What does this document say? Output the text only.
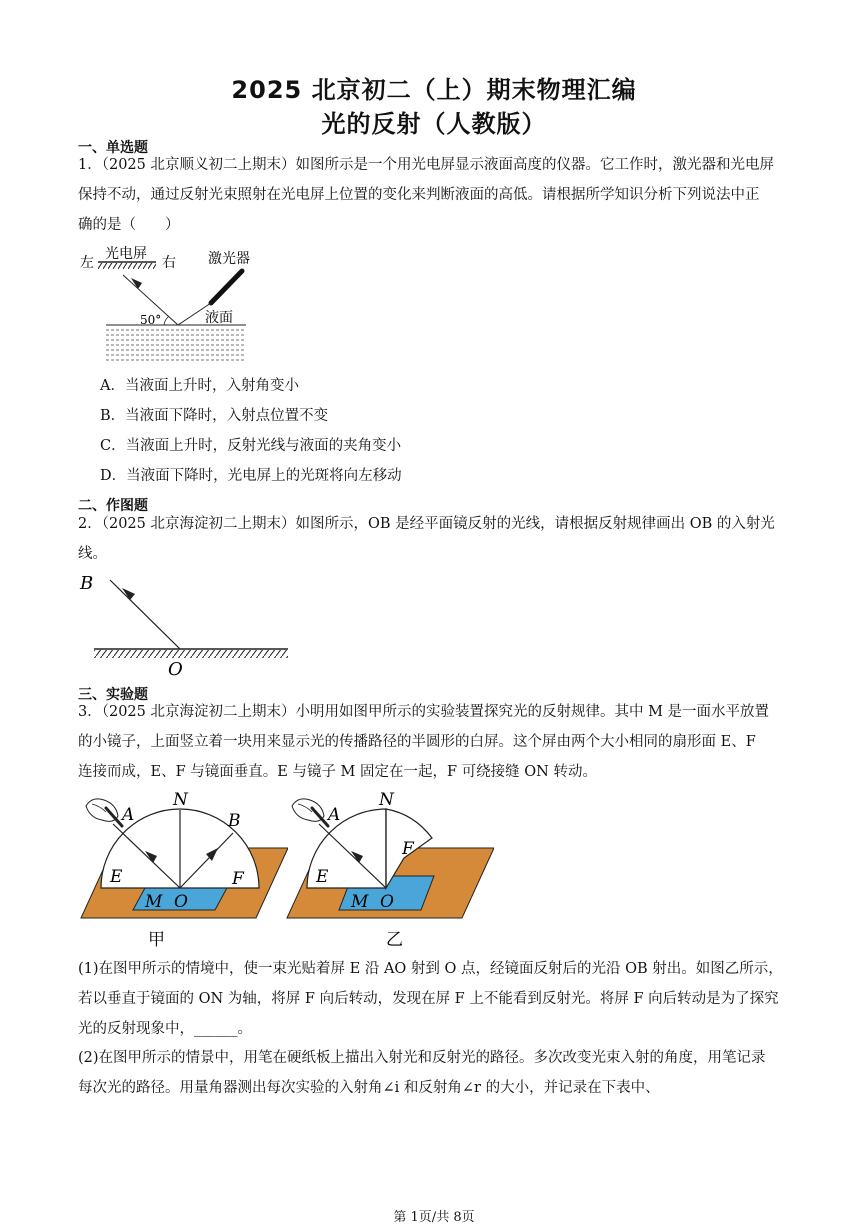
2025 北京初二（上）期末物理汇编
光的反射（人教版）
一、单选题
1．（2025 北京顺义初二上期末）如图所示是一个用光电屏显示液面高度的仪器。它工作时，激光器和光电屏
保持不动，通过反射光束照射在光电屏上位置的变化来判断液面的高低。请根据所学知识分析下列说法中正
确的是（　　）
左
光电屏
右 激光器
50°	液面
A．当液面上升时，入射角变小
B．当液面下降时，入射点位置不变
C．当液面上升时，反射光线与液面的夹角变小
D．当液面下降时，光电屏上的光斑将向左移动
二、作图题
2．（2025 北京海淀初二上期末）如图所示，OB 是经平面镜反射的光线，请根据反射规律画出 OB 的入射光
线。
B
O
三、实验题
3．（2025 北京海淀初二上期末）小明用如图甲所示的实验装置探究光的反射规律。其中 M 是一面水平放置
的小镜子，上面竖立着一块用来显示光的传播路径的半圆形的白屏。这个屏由两个大小相同的扇形面 E、F
连接而成，E、F 与镜面垂直。E 与镜子 M 固定在一起，F 可绕接缝 ON 转动。
A
N
B
E	F
M O
甲
A
N
F
E
M O
乙
(1)在图甲所示的情境中，使一束光贴着屏 E 沿 AO 射到 O 点，经镜面反射后的光沿 OB 射出。如图乙所示，
若以垂直于镜面的 ON 为轴，将屏 F 向后转动，发现在屏 F 上不能看到反射光。将屏 F 向后转动是为了探究
光的反射现象中，______。
(2)在图甲所示的情景中，用笔在硬纸板上描出入射光和反射光的路径。多次改变光束入射的角度，用笔记录
每次光的路径。用量角器测出每次实验的入射角∠i 和反射角∠r 的大小，并记录在下表中、
第 1页/共 8页
